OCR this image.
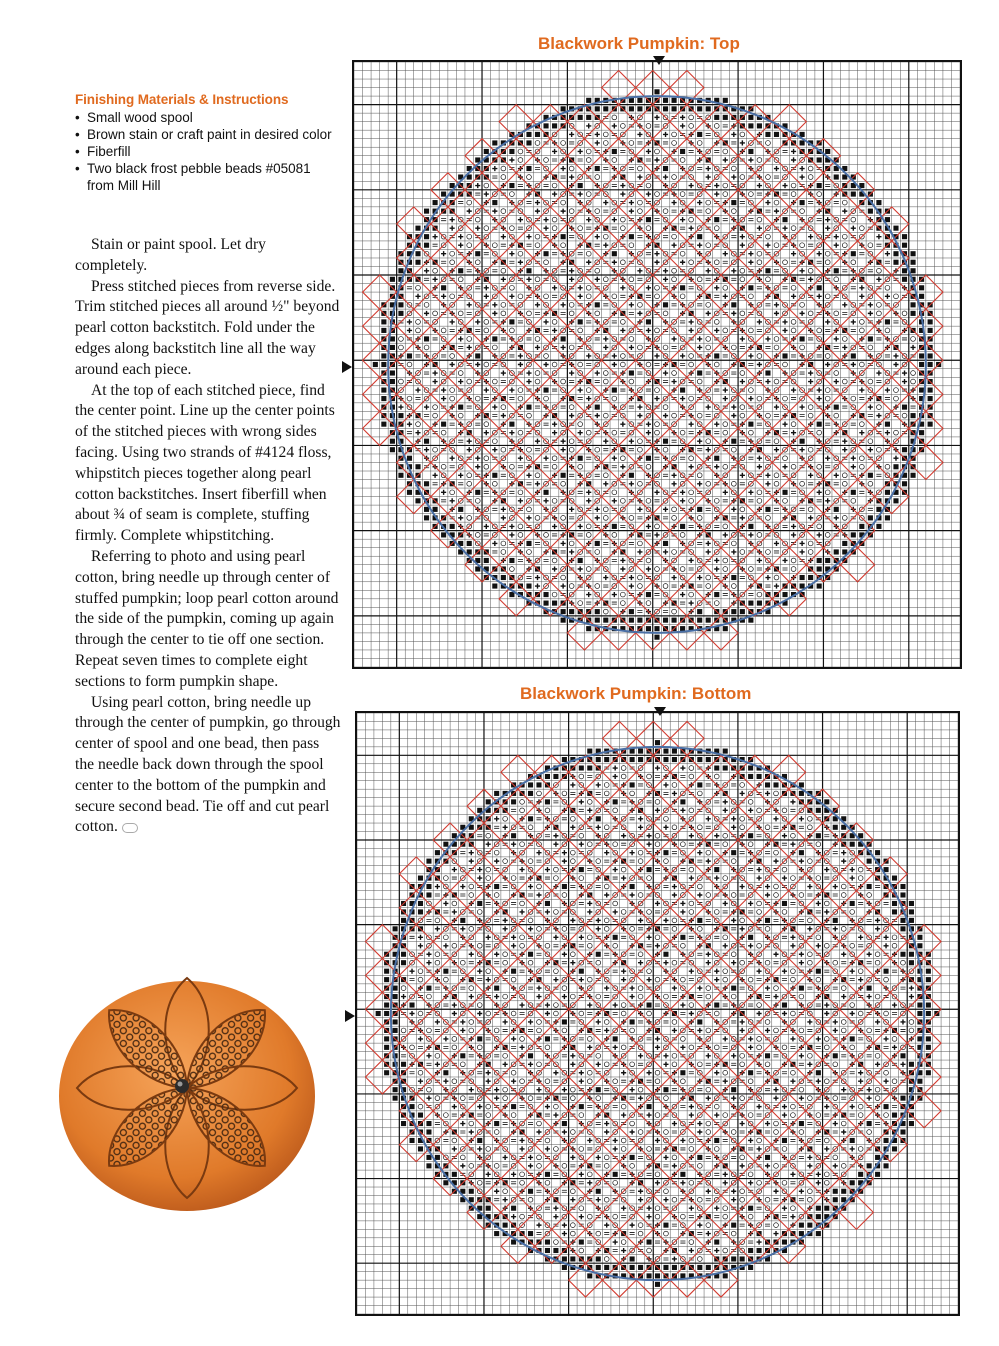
Finishing Materials & Instructions
• Small wood spool
• Brown stain or craft paint in desired color
• Fiberfill
• Two black frost pebble beads #05081 from Mill Hill

Stain or paint spool. Let dry completely.

Press stitched pieces from reverse side. Trim stitched pieces all around ½" beyond pearl cotton backstitch. Fold under the edges along backstitch line all the way around each piece.

At the top of each stitched piece, find the center point. Line up the center points of the stitched pieces with wrong sides facing. Using two strands of #4124 floss, whipstitch pieces together along pearl cotton backstitches. Insert fiberfill when about ¾ of seam is complete, stuffing firmly. Complete whipstitching.

Referring to photo and using pearl cotton, bring needle up through center of stuffed pumpkin; loop pearl cotton around the side of the pumpkin, coming up again through the center to tie off one section. Repeat seven times to complete eight sections to form pumpkin shape.

Using pearl cotton, bring needle up through the center of pumpkin, go through center of spool and one bead, then pass the needle back down through the spool center to the bottom of the pumpkin and secure second bead. Tie off and cut pearl cotton.

Blackwork Pumpkin: Top
Blackwork Pumpkin: Bottom
